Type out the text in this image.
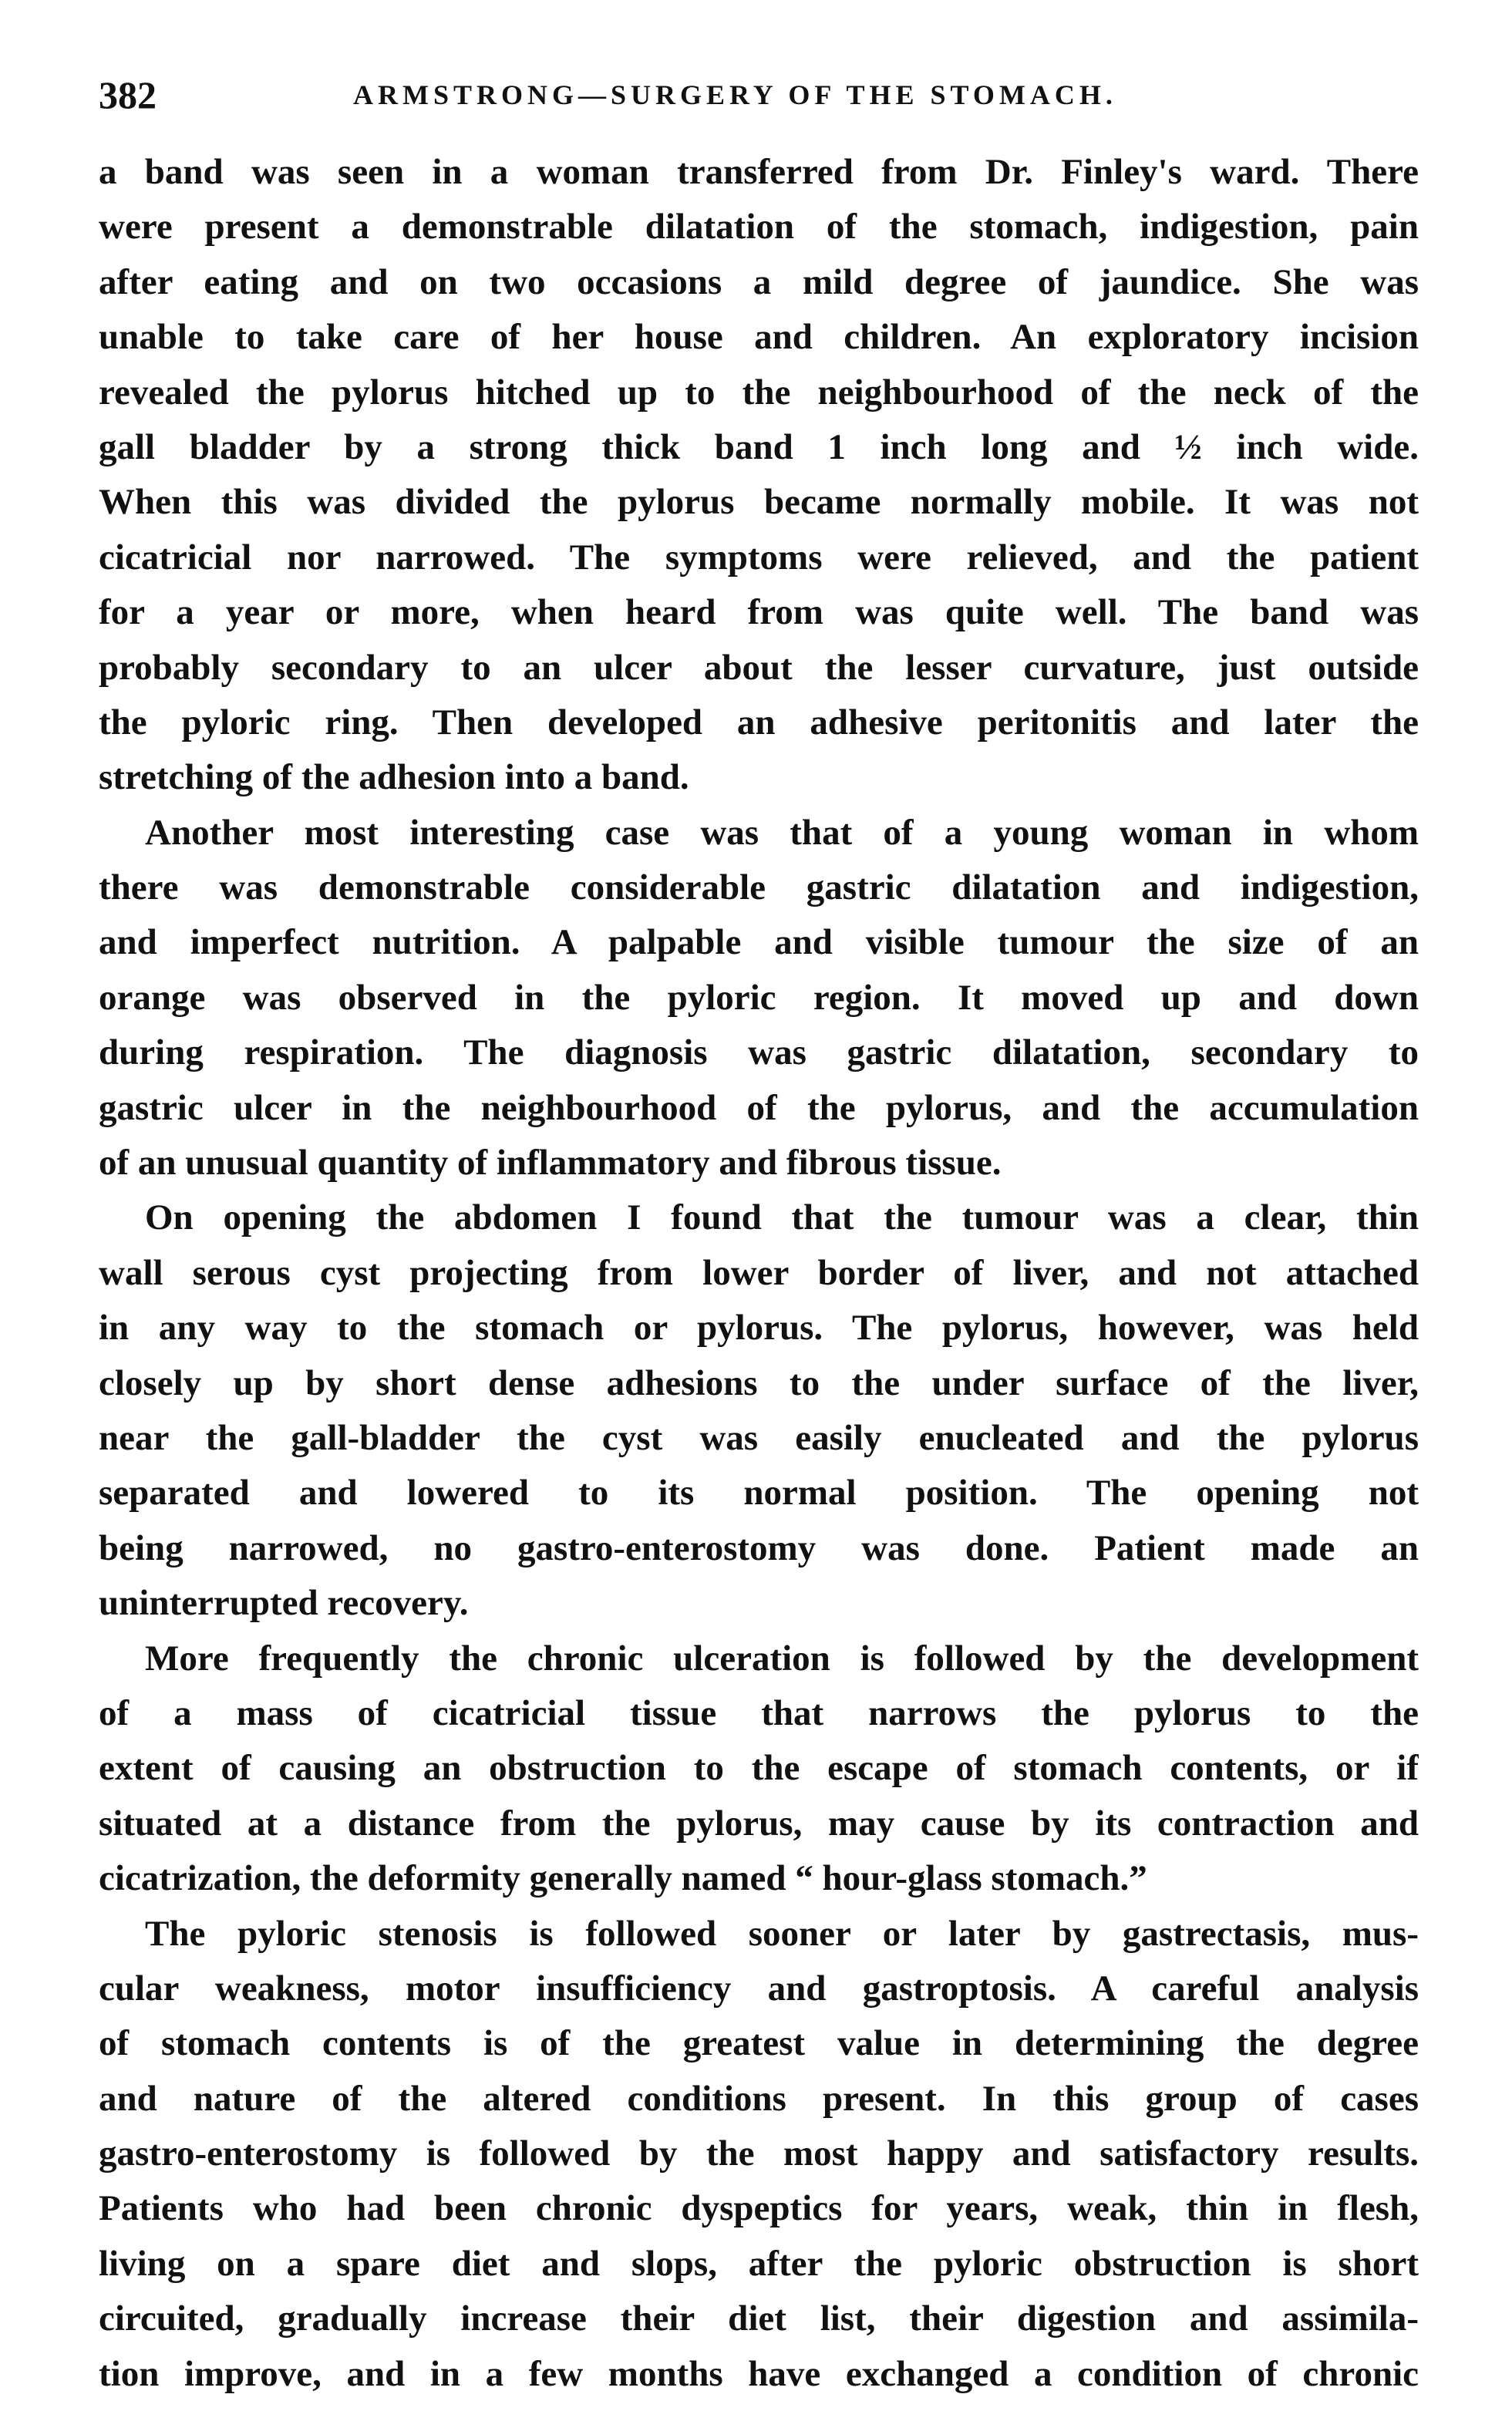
382	ARMSTRONG—SURGERY OF THE STOMACH.
a band was seen in a woman transferred from Dr. Finley's ward. There
were present a demonstrable dilatation of the stomach, indigestion, pain
after eating and on two occasions a mild degree of jaundice. She was
unable to take care of her house and children. An exploratory incision
revealed the pylorus hitched up to the neighbourhood of the neck of the
gall bladder by a strong thick band 1 inch long and ½ inch wide.
When this was divided the pylorus became normally mobile. It was not
cicatricial nor narrowed. The symptoms were relieved, and the patient
for a year or more, when heard from was quite well. The band was
probably secondary to an ulcer about the lesser curvature, just outside
the pyloric ring. Then developed an adhesive peritonitis and later the
stretching of the adhesion into a band.
Another most interesting case was that of a young woman in whom
there was demonstrable considerable gastric dilatation and indigestion,
and imperfect nutrition. A palpable and visible tumour the size of an
orange was observed in the pyloric region. It moved up and down
during respiration. The diagnosis was gastric dilatation, secondary to
gastric ulcer in the neighbourhood of the pylorus, and the accumulation
of an unusual quantity of inflammatory and fibrous tissue.
On opening the abdomen I found that the tumour was a clear, thin
wall serous cyst projecting from lower border of liver, and not attached
in any way to the stomach or pylorus. The pylorus, however, was held
closely up by short dense adhesions to the under surface of the liver,
near the gall-bladder the cyst was easily enucleated and the pylorus
separated and lowered to its normal position. The opening not
being narrowed, no gastro-enterostomy was done. Patient made an
uninterrupted recovery.
More frequently the chronic ulceration is followed by the development
of a mass of cicatricial tissue that narrows the pylorus to the
extent of causing an obstruction to the escape of stomach contents, or if
situated at a distance from the pylorus, may cause by its contraction and
cicatrization, the deformity generally named “ hour-glass stomach.”
The pyloric stenosis is followed sooner or later by gastrectasis, mus-
cular weakness, motor insufficiency and gastroptosis. A careful analysis
of stomach contents is of the greatest value in determining the degree
and nature of the altered conditions present. In this group of cases
gastro-enterostomy is followed by the most happy and satisfactory results.
Patients who had been chronic dyspeptics for years, weak, thin in flesh,
living on a spare diet and slops, after the pyloric obstruction is short
circuited, gradually increase their diet list, their digestion and assimila-
tion improve, and in a few months have exchanged a condition of chronic
